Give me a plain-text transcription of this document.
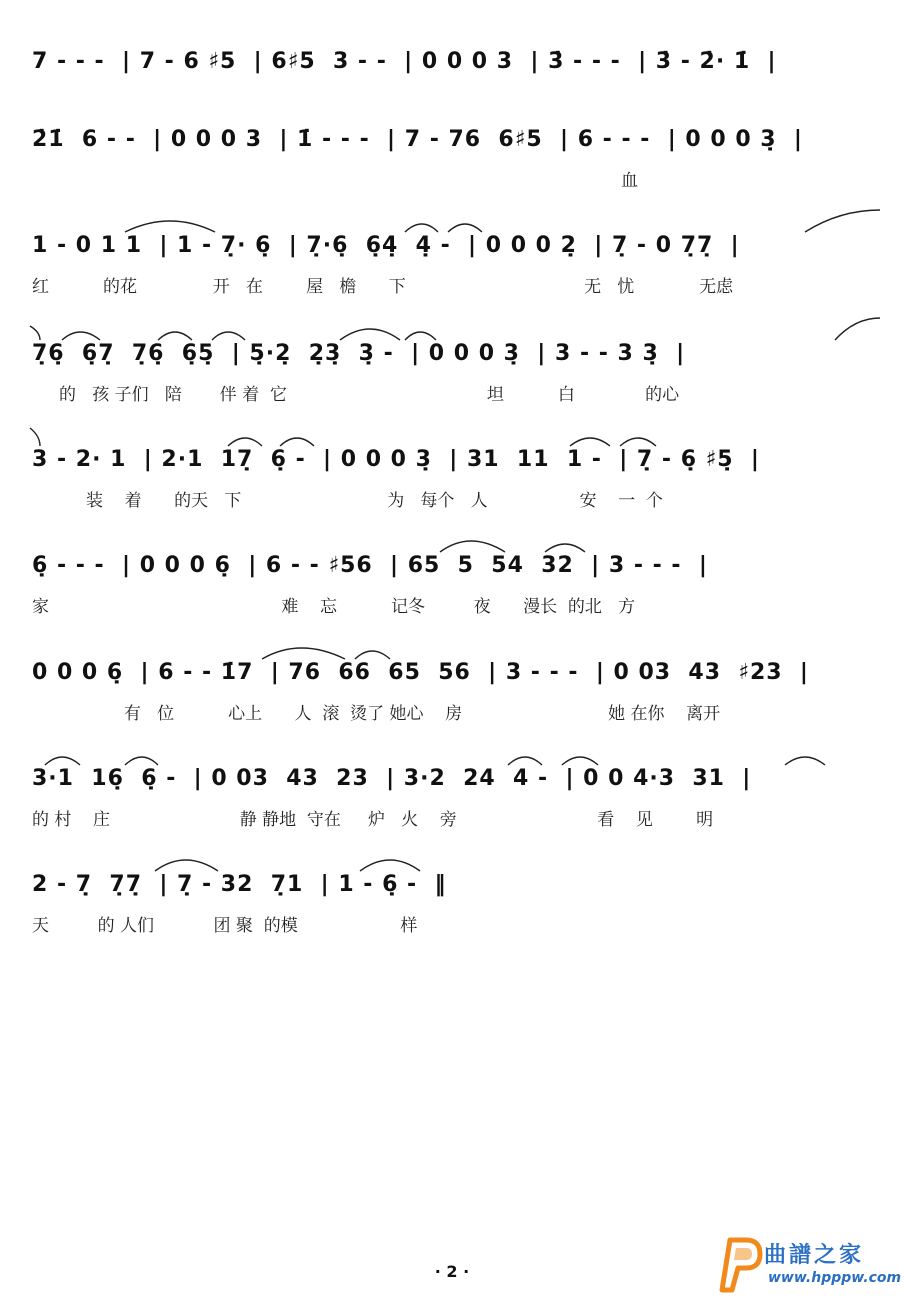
7 - - -  | 7 - 6 ♯5  | 6♯5  3 - -  | 0 0 0 3  | 3̇ - - -  | 3̇ - 2̇· 1̇  |
2̇1̇  6 - -  | 0 0 0 3  | 1̇ - - -  | 7 - 76  6♯5  | 6 - - -  | 0 0 0 3̣  |
血
1 - 0 1 1  | 1 - 7̣· 6̣  | 7̣·6̣  6̣4̣  4̣ -  | 0 0 0 2̣  | 7̣ - 0 7̣7̣  |
红          的花              开   在        屋   檐      下                                 无   忧            无虑
7̣6̣  6̣7̣  7̣6̣  6̣5̣  | 5̣·2̣  2̣3̣  3̣ -  | 0 0 0 3̣  | 3 - - 3 3̣  |
的   孩 子们   陪       伴 着  它                                     坦          白             的心
3 - 2· 1  | 2·1  17̣  6̣ -  | 0 0 0 3̣  | 31  11  1 -  | 7̣ - 6̣ ♯5̣  |
装    着      的天   下                           为   每个   人                 安    一  个
6̣ - - -  | 0 0 0 6̣  | 6 - - ♯56  | 65  5  54  32  | 3 - - -  |
家                                           难    忘          记冬         夜      漫长  的北   方
0 0 0 6̣  | 6 - - 1̇7  | 76  66  65  56  | 3 - - -  | 0 03  43  ♯23  |
有   位          心上      人  滚  烫了 她心    房                           她 在你    离开
3·1  16̣  6̣ -  | 0 03  43  23  | 3·2  24  4 -  | 0 0 4·3  31  |
的 村    庄                        静 静地  守在     炉   火    旁                          看    见        明
2 - 7̣  7̣7̣  | 7̣ - 32  7̣1  | 1 - 6̣ -  ‖
天         的 人们           团 聚  的模                   样
· 2 ·
曲譜之家
www.hpppw.com
